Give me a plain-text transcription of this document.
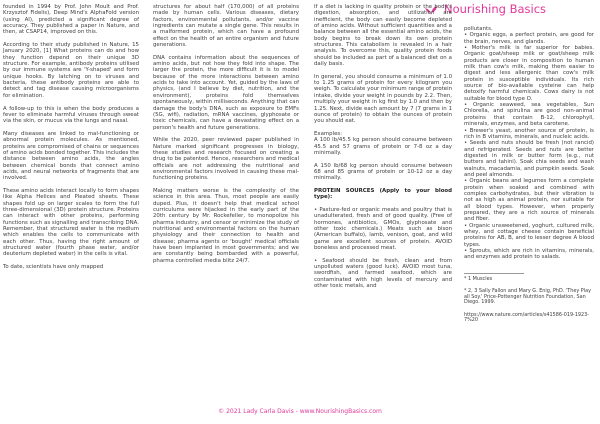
Nourishing Basics

founded in 1994 by Prof. John Moult and Prof. Krzysztof Fidelis), Deep Mind's AlphaFold version (using AI), predicted a significant degree of accuracy. They published a paper in Nature, and then, at CSAP14, improved on this.

According to their study published in Nature, 15 January 2020, [1] What proteins can do and how they function depend on their unique 3D structure. For example, antibody proteins utilised by our immune systems are 'Y-shaped' and form unique hooks. By latching on to viruses and bacteria, these antibody proteins are able to detect and tag disease causing microorganisms for elimination.

A follow-up to this is when the body produces a fever to eliminate harmful viruses through sweat via the skin, or mucus via the lungs and nasal.

Many diseases are linked to mal-functioning or abnormal protein molecules. As mentioned, proteins are compromised of chains or sequences of amino acids bonded together. This includes the distance between amino acids, the angles between chemical bonds that connect amino acids, and neural networks of fragments that are involved.

These amino acids interact locally to form shapes like Alpha Helices and Pleated sheets. These shapes fold up on larger scales to form the full three-dimensional (3D) protein structure. Proteins can interact with other proteins, performing functions such as signalling and transcribing DNA. Remember, that structured water is the medium which enables the cells to communicate with each other. Thus, having the right amount of structured water (fourth phase water, and/or deuterium depleted water) in the cells is vital.

To date, scientists have only mapped

structures for about half (170,000) of all proteins made by human cells. Various diseases, dietary factors, environmental pollutants, and/or vaccine ingredients can mutate a single gene. This results in a malformed protein, which can have a profound effect on the health of an entire organism and future generations.

DNA contains information about the sequences of amino acids, but not how they fold into shape. The larger the protein, the more difficult it is to model because of the more interactions between amino acids to take into account. Yet, guided by the laws of physics, (and I believe by diet, nutrition, and the environment), proteins fold themselves spontaneously, within milliseconds. Anything that can damage the body's DNA, such as exposure to EMFs (5G, wifi), radiation, mRNA vaccines, glyphosate or toxic chemicals, can have a devastating effect on a person's health and future generations.

While the 2020, peer reviewed paper published in Nature marked significant progresses in biology, these studies and research focused on creating a drug to be patented. Hence, researchers and medical officials are not addressing the nutritional and environmental factors involved in causing these mal-functioning proteins.

Making matters worse is the complexity of the science in this area. Thus, most people are easily duped. Plus, it doesn't help that medical school curriculums were hijacked in the early part of the 20th century by Mr. Rockefeller, to monopolize his pharma industry, and censor or minimize the study of nutritional and environmental factors on the human physiology and their connection to health and disease; pharma agents or 'bought' medical officials have been implanted in most governments; and we are constantly being bombarded with a powerful, pharma controlled media blitz 24/7.

If a diet is lacking in quality protein or the body's digestion, absorption, and utilization are inefficient, the body can easily become depleted of amino acids. Without sufficient quantities and a balance between all the essential amino acids, the body begins to break down its own protein structures. This catabolism is revealed in a hair analysis. To overcome this, quality protein foods should be included as part of a balanced diet on a daily basis.

In general, you should consume a minimum of 1.0 to 1.25 grams of protein for every kilogram you weigh. To calculate your minimum range of protein intake, divide your weight in pounds by 2.2. Then, multiply your weight in kg first by 1.0 and then by 1.25. Next, divide each amount by 7 (7 grams in 1 ounce of protein) to obtain the ounces of protein you should eat.

Examples:

A 100 lb/45.5 kg person should consume between 45.5 and 57 grams of protein or 7-8 oz a day minimally.

A 150 lb/68 kg person should consume between 68 and 85 grams of protein or 10-12 oz a day minimally.

PROTEIN SOURCES (Apply to your blood type):

• Pasture-fed or organic meats and poultry that is unadulterated, fresh and of good quality. (Free of hormones, antibiotics, GMOs, glyphosate and other toxic chemicals.) Meats such as bison (American buffalo), lamb, venison, goat, and wild game are excellent sources of protein. AVOID boneless and processed meat.

• Seafood should be fresh, clean and from unpolluted waters (good luck). AVOID most tuna, swordfish, and farmed seafood, which are contaminated with high levels of mercury and other toxic metals, and

pollutants.

• Organic eggs, a perfect protein, are good for the brain, nerves, and glands.

• Mother's milk is far superior for babies. Organic goat/sheep milk or goat/sheep milk products are closer in composition to human milk than cow's milk, making them easier to digest and less allergenic than cow's milk protein in susceptible individuals. Its rich source of bio-available cysteine can help detoxify harmful chemicals. Cows dairy is not suitable for blood type O.

• Organic seaweed, sea vegetables, Sun Chlorella, and spirulina are good non-animal proteins that contain B-12, chlorophyll, minerals, enzymes, and beta carotene.

• Brewer's yeast, another source of protein, is rich in B vitamins, minerals, and nucleic acids.

• Seeds and nuts should be fresh (not rancid) and refrigerated. Seeds and nuts are better digested in milk or butter form (e.g., nut butters and tahini). Soak chia seeds and wash walnuts, macadamia, and pumpkin seeds. Soak and peel almonds.

• Organic beans and legumes form a complete protein when soaked and combined with complex carbohydrates, but their vibration is not as high as animal protein, nor suitable for all blood types. However, when properly prepared, they are a rich source of minerals and fiber.

• Organic unsweetened, yoghurt, cultured milk, whey, and cottage cheese contain beneficial proteins for AB, B, and to lesser degree A blood types.

• Sprouts, which are rich in vitamins, minerals, and enzymes add protein to salads.

* 1 Muscles

* 2, 3 Sally Fallon and Mary G. Enig, PhD. 'They Play all Soy.' Price-Pottenger Nutrition Foundation, San Diego. 1999.

https://www.nature.com/articles/s41586-019-1923-7%20

© 2021 Lady Carla Davis - www.NourishingBasics.com
